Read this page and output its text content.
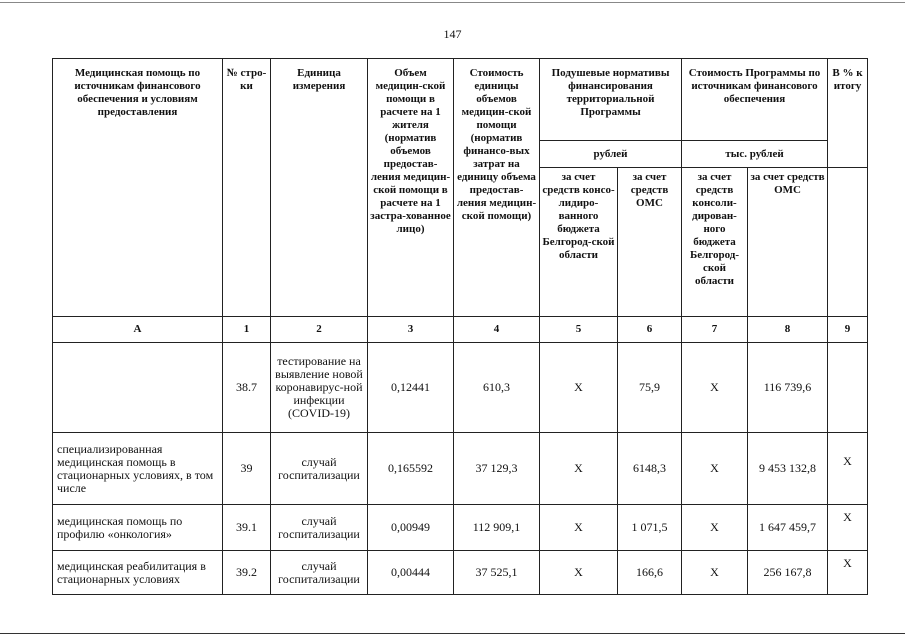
147
Медицинская помощь по источникам финансового обеспечения и условиям предоставления	№ стро-ки	Единица измерения	Объем медицин-ской помощи в расчете на 1 жителя (норматив объемов предостав-ления медицин-ской помощи в расчете на 1 застра-хованное лицо)	Стоимость единицы объемов медицин-ской помощи (норматив финансо-вых затрат на единицу объема предостав-ления медицин-ской помощи)	Подушевые нормативы финансирования территориальной Программы		Стоимость Программы по источникам финансового обеспечения		В % к итогу
					рублей		тыс. рублей		
					за счет средств консо-лидиро-ванного бюджета Белгород-ской области	за счет средств ОМС	за счет средств консоли-дирован-ного бюджета Белгород-ской области	за счет средств ОМС	
А	1	2	3	4	5	6	7	8	9
	38.7	тестирование на выявление новой коронавирус-ной инфекции (COVID-19)	0,12441	610,3	Х	75,9	Х	116 739,6	
специализированная медицинская помощь в стационарных условиях, в том числе	39	случай госпитализации	0,165592	37 129,3	Х	6148,3	Х	9 453 132,8	Х
медицинская помощь по профилю «онкология»	39.1	случай госпитализации	0,00949	112 909,1	Х	1 071,5	Х	1 647 459,7	Х
медицинская реабилитация в стационарных условиях	39.2	случай госпитализации	0,00444	37 525,1	Х	166,6	Х	256 167,8	Х
